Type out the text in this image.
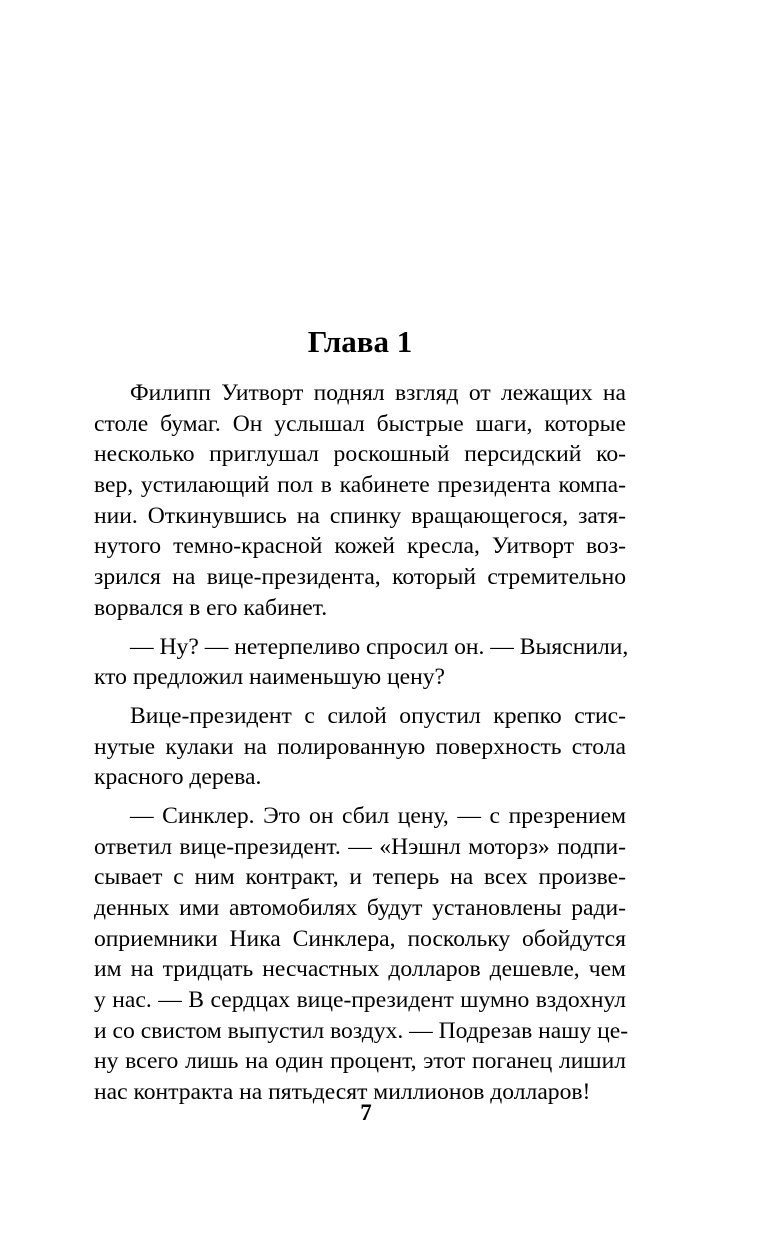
Глава 1

Филипп Уитворт поднял взгляд от лежащих на
столе бумаг. Он услышал быстрые шаги, которые
несколько приглушал роскошный персидский ко-
вер, устилающий пол в кабинете президента компа-
нии. Откинувшись на спинку вращающегося, затя-
нутого темно-красной кожей кресла, Уитворт воз-
зрился на вице-президента, который стремительно
ворвался в его кабинет.

— Ну? — нетерпеливо спросил он. — Выяснили,
кто предложил наименьшую цену?

Вице-президент с силой опустил крепко стис-
нутые кулаки на полированную поверхность стола
красного дерева.

— Синклер. Это он сбил цену, — с презрением
ответил вице-президент. — «Нэшнл моторз» подпи-
сывает с ним контракт, и теперь на всех произве-
денных ими автомобилях будут установлены ради-
оприемники Ника Синклера, поскольку обойдутся
им на тридцать несчастных долларов дешевле, чем
у нас. — В сердцах вице-президент шумно вздохнул
и со свистом выпустил воздух. — Подрезав нашу це-
ну всего лишь на один процент, этот поганец лишил
нас контракта на пятьдесят миллионов долларов!

7
